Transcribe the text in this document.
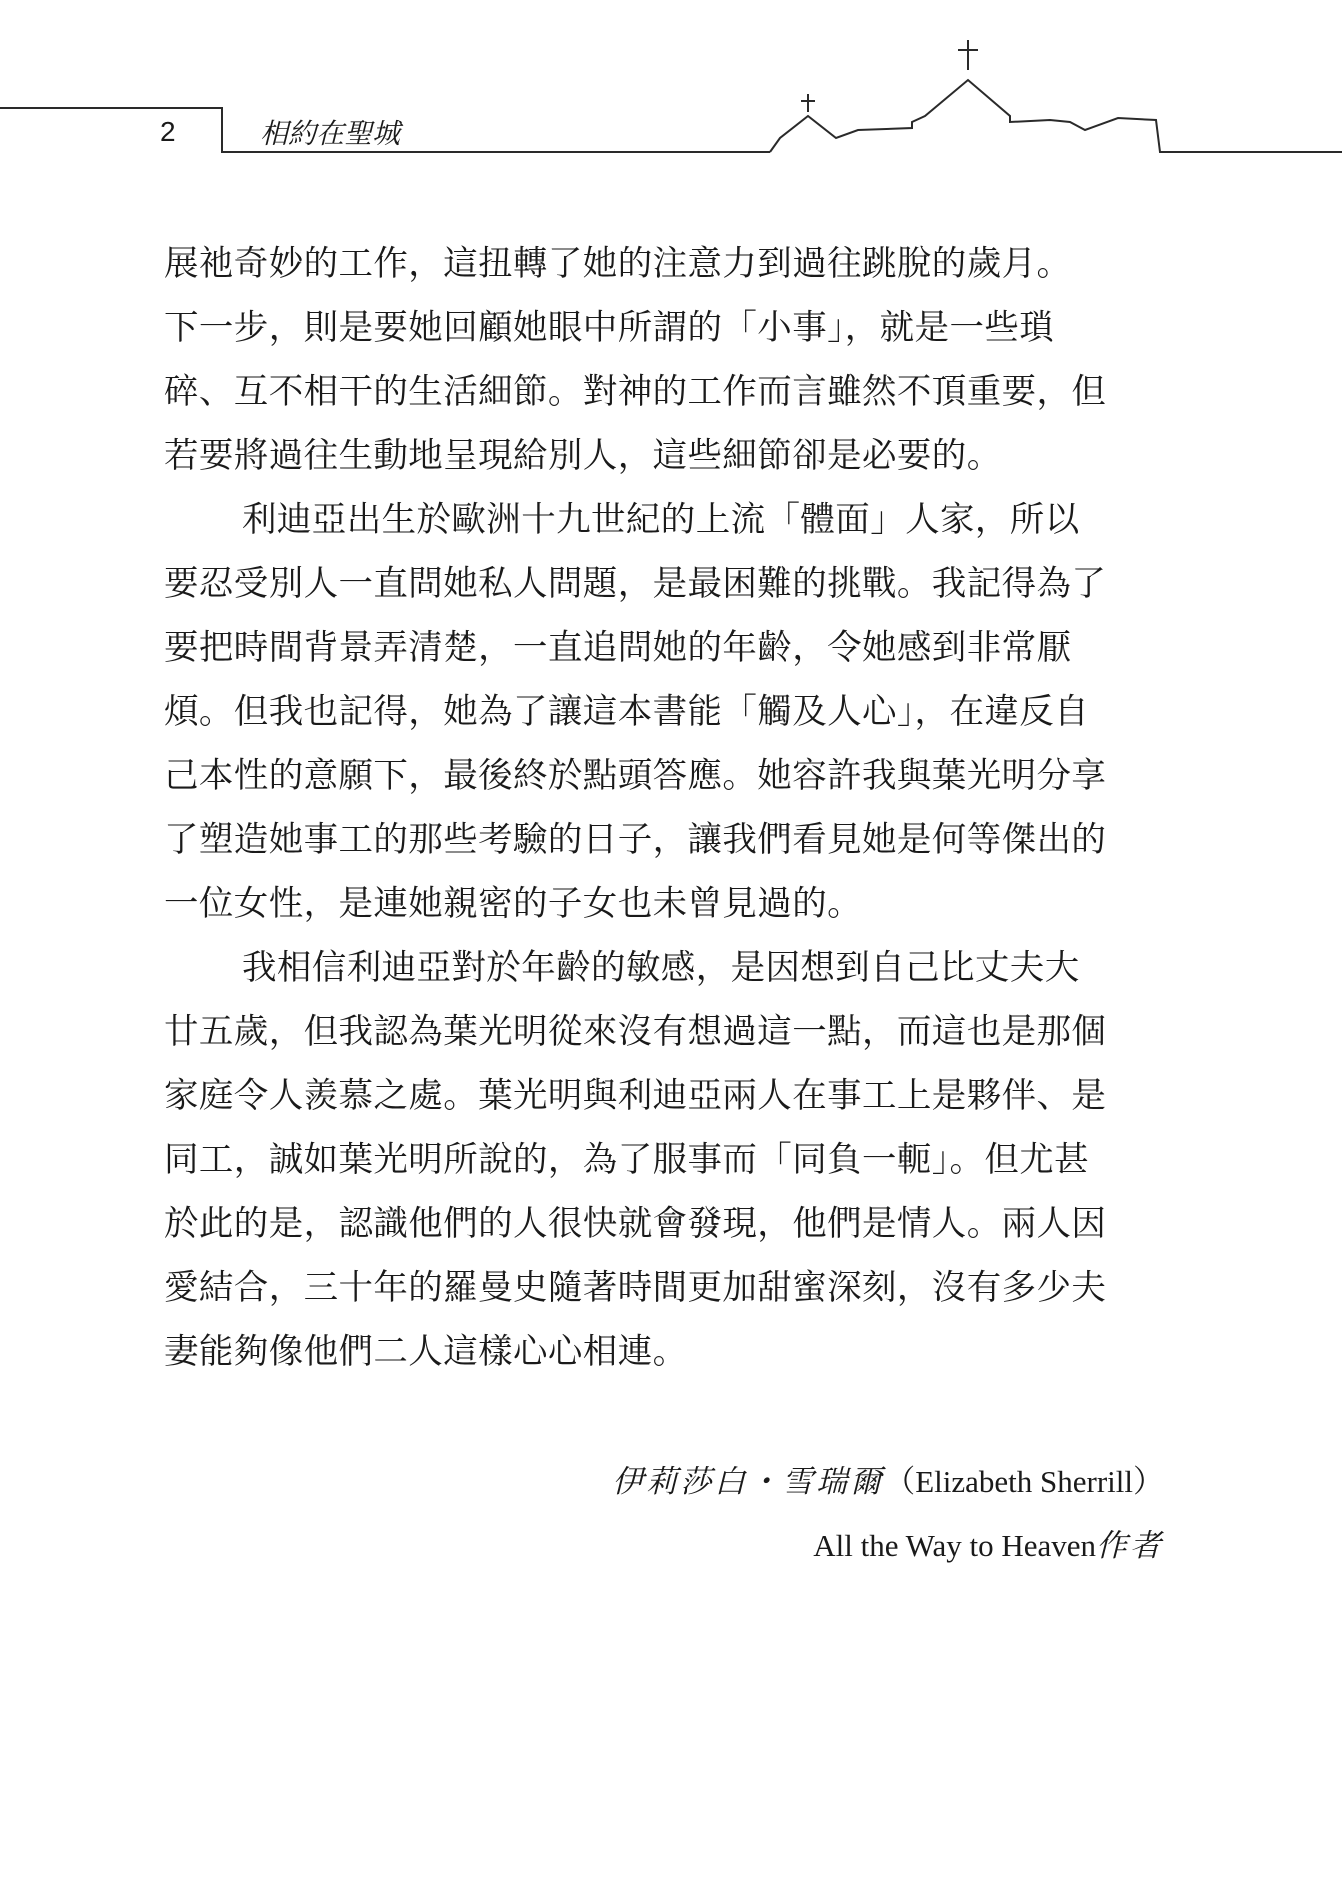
2	相約在聖城
展祂奇妙的工作，這扭轉了她的注意力到過往跳脫的歲月。
下一步，則是要她回顧她眼中所謂的「小事」，就是一些瑣
碎、互不相干的生活細節。對神的工作而言雖然不頂重要，但
若要將過往生動地呈現給別人，這些細節卻是必要的。
利迪亞出生於歐洲十九世紀的上流「體面」人家，所以
要忍受別人一直問她私人問題，是最困難的挑戰。我記得為了
要把時間背景弄清楚，一直追問她的年齡，令她感到非常厭
煩。但我也記得，她為了讓這本書能「觸及人心」，在違反自
己本性的意願下，最後終於點頭答應。她容許我與葉光明分享
了塑造她事工的那些考驗的日子，讓我們看見她是何等傑出的
一位女性，是連她親密的子女也未曾見過的。
我相信利迪亞對於年齡的敏感，是因想到自己比丈夫大
廿五歲，但我認為葉光明從來沒有想過這一點，而這也是那個
家庭令人羨慕之處。葉光明與利迪亞兩人在事工上是夥伴、是
同工，誠如葉光明所說的，為了服事而「同負一軛」。但尤甚
於此的是，認識他們的人很快就會發現，他們是情人。兩人因
愛結合，三十年的羅曼史隨著時間更加甜蜜深刻，沒有多少夫
妻能夠像他們二人這樣心心相連。
伊莉莎白・雪瑞爾（Elizabeth Sherrill）
All the Way to Heaven作者
